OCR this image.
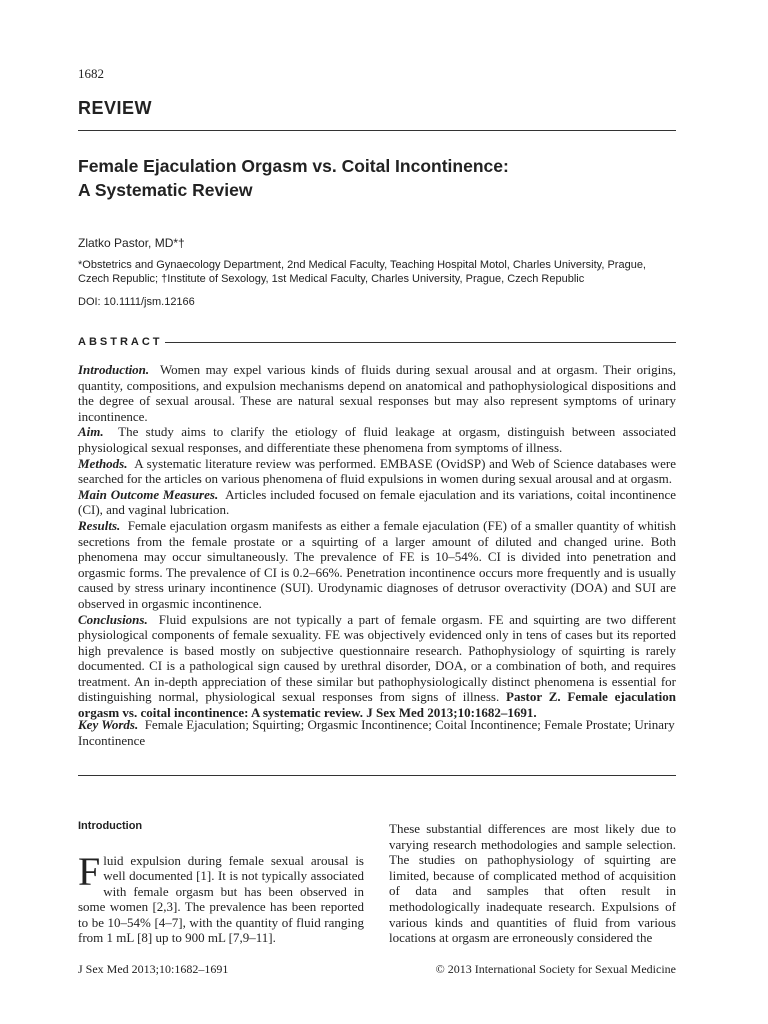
1682
REVIEW
Female Ejaculation Orgasm vs. Coital Incontinence:
A Systematic Review
Zlatko Pastor, MD*†
*Obstetrics and Gynaecology Department, 2nd Medical Faculty, Teaching Hospital Motol, Charles University, Prague, Czech Republic; †Institute of Sexology, 1st Medical Faculty, Charles University, Prague, Czech Republic
DOI: 10.1111/jsm.12166
ABSTRACT

Introduction. Women may expel various kinds of fluids during sexual arousal and at orgasm. Their origins, quantity, compositions, and expulsion mechanisms depend on anatomical and pathophysiological dispositions and the degree of sexual arousal. These are natural sexual responses but may also represent symptoms of urinary incontinence.

Aim. The study aims to clarify the etiology of fluid leakage at orgasm, distinguish between associated physiological sexual responses, and differentiate these phenomena from symptoms of illness.

Methods. A systematic literature review was performed. EMBASE (OvidSP) and Web of Science databases were searched for the articles on various phenomena of fluid expulsions in women during sexual arousal and at orgasm.

Main Outcome Measures. Articles included focused on female ejaculation and its variations, coital incontinence (CI), and vaginal lubrication.

Results. Female ejaculation orgasm manifests as either a female ejaculation (FE) of a smaller quantity of whitish secretions from the female prostate or a squirting of a larger amount of diluted and changed urine. Both phenomena may occur simultaneously. The prevalence of FE is 10–54%. CI is divided into penetration and orgasmic forms. The prevalence of CI is 0.2–66%. Penetration incontinence occurs more frequently and is usually caused by stress urinary incontinence (SUI). Urodynamic diagnoses of detrusor overactivity (DOA) and SUI are observed in orgasmic incontinence.

Conclusions. Fluid expulsions are not typically a part of female orgasm. FE and squirting are two different physiological components of female sexuality. FE was objectively evidenced only in tens of cases but its reported high prevalence is based mostly on subjective questionnaire research. Pathophysiology of squirting is rarely documented. CI is a pathological sign caused by urethral disorder, DOA, or a combination of both, and requires treatment. An in-depth appreciation of these similar but pathophysiologically distinct phenomena is essential for distinguishing normal, physiological sexual responses from signs of illness. Pastor Z. Female ejaculation orgasm vs. coital incontinence: A systematic review. J Sex Med 2013;10:1682–1691.

Key Words. Female Ejaculation; Squirting; Orgasmic Incontinence; Coital Incontinence; Female Prostate; Urinary Incontinence
Introduction
Fluid expulsion during female sexual arousal is well documented [1]. It is not typically associated with female orgasm but has been observed in some women [2,3]. The prevalence has been reported to be 10–54% [4–7], with the quantity of fluid ranging from 1 mL [8] up to 900 mL [7,9–11].
These substantial differences are most likely due to varying research methodologies and sample selection. The studies on pathophysiology of squirting are limited, because of complicated method of acquisition of data and samples that often result in methodologically inadequate research. Expulsions of various kinds and quantities of fluid from various locations at orgasm are erroneously considered the
J Sex Med 2013;10:1682–1691	© 2013 International Society for Sexual Medicine
